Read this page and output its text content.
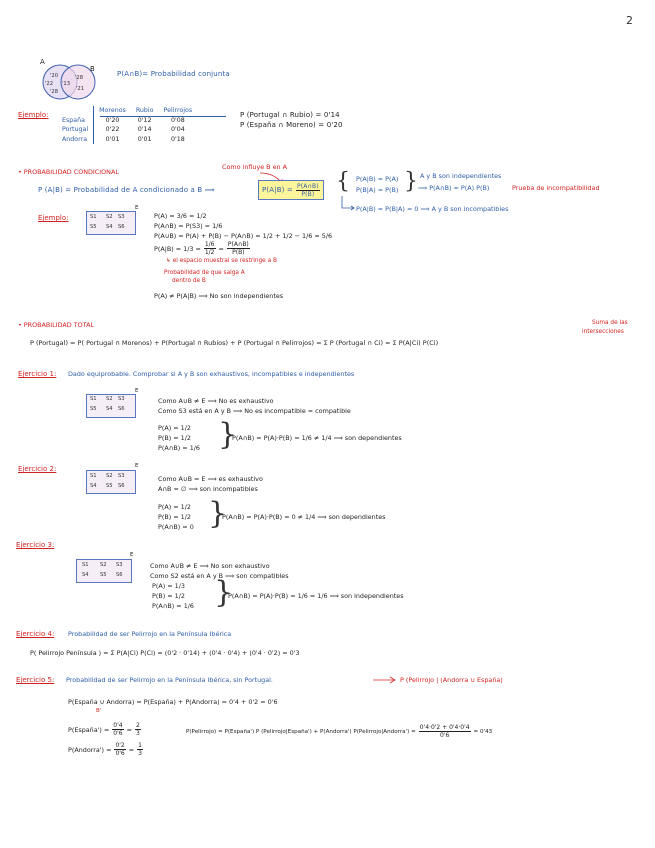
2
A
B
'20
'22
'28
'13
'28
'21
P(A∩B)= Probabilidad conjunta
Ejemplo:
	Morenos	Rubio	Pelirrojos
España	0'20	0'12	0'08
Portugal	0'22	0'14	0'04
Andorra	0'01	0'01	0'18
P (Portugal ∩ Rubio) = 0'14
P (España ∩ Moreno) = 0'20
• PROBABILIDAD CONDICIONAL
Como influye B en A
P (A|B) = Probabilidad de A condicionado a B ⟹	$P(A|B) = \frac{P(A\cap B)}{P(B)}$ { P(A|B) = P(A)
P(B|A) = P(B) } A y B son independientes
⟹ P(A∩B) = P(A) P(B)	Prueba de incompatibilidad
P(A|B) = P(B|A) = 0 ⟹ A y B son incompatibles
Ejemplo:
E
S1 S2 S3
S5 S4 S6
P(A) = 3/6 = 1/2
P(A∩B) = P(S3) = 1/6
P(A∪B) = P(A) + P(B) − P(A∩B) = 1/2 + 1/2 − 1/6 = 5/6
$P(A|B) = 1/3 = \frac{1/6}{1/2} = \frac{P(A\cap B)}{P(B)}$
↳ el espacio muestral se restringe a B
Probabilidad de que salga A
dentro de B
P(A) ≠ P(A|B) ⟹ No son independientes
• PROBABILIDAD TOTAL	Suma de las
intersecciones
P (Portugal) = P( Portugal ∩ Morenos) + P(Portugal ∩ Rubios) + P (Portugal ∩ Pelirrojos) = Σ P (Portugal ∩ Ci) = Σ P(A|Ci) P(Ci)
Ejercicio 1: Dado equiprobable. Comprobar si A y B son exhaustivos, incompatibles e independientes
E
S1 S2 S3
S5 S4 S6
Como A∪B ≠ E ⟹ No es exhaustivo
Como S3 está en A y B ⟹ No es incompatible = compatible
P(A) = 1/2
P(B) = 1/2
P(A∩B) = 1/6 }
P(A∩B) = P(A)·P(B) = 1/6 ≠ 1/4 ⟹ son dependientes
Ejercicio 2:	E
S1 S2 S3
S4 S5 S6
Como A∪B = E ⟹ es exhaustivo
A∩B = ∅ ⟹ son incompatibles
P(A) = 1/2
P(B) = 1/2
P(A∩B) = 0 }
P(A∩B) = P(A)·P(B) = 0 ≠ 1/4 ⟹ son dependientes
Ejercicio 3:
E
S1 S2 S3
S4 S5 S6
Como A∪B ≠ E ⟹ No son exhaustivo
Como S2 está en A y B ⟹ son compatibles
P(A) = 1/3
P(B) = 1/2
P(A∩B) = 1/6 }
P(A∩B) = P(A)·P(B) = 1/6 = 1/6 ⟹ son independientes
Ejercicio 4: Probabilidad de ser Pelirrojo en la Península Ibérica
P( Pelirrojo Península ) = Σ P(A|Ci) P(Ci) = (0'2 · 0'14) + (0'4 · 0'4) + (0'4 · 0'2) = 0'3
Ejercicio 5: Probabilidad de ser Pelirrojo en la Península Ibérica, sin Portugal.	P (Pelirrojo | (Andorra ∪ España)
P(España ∪ Andorra) = P(España) + P(Andorra) = 0'4 + 0'2 = 0'6
B'
P(España') = $\frac{0'4}{0'6} = \frac{2}{3}$
P(Andorra') = $\frac{0'2}{0'6} = \frac{1}{3}$
P(Pelirrojo) = P(España') P (Pelirrojo|España') + P(Andorra') P(Pelirrojo|Andorra') = $\frac{0'4\cdot 0'2 + 0'4\cdot 0'4}{0'6} = 0'43$
